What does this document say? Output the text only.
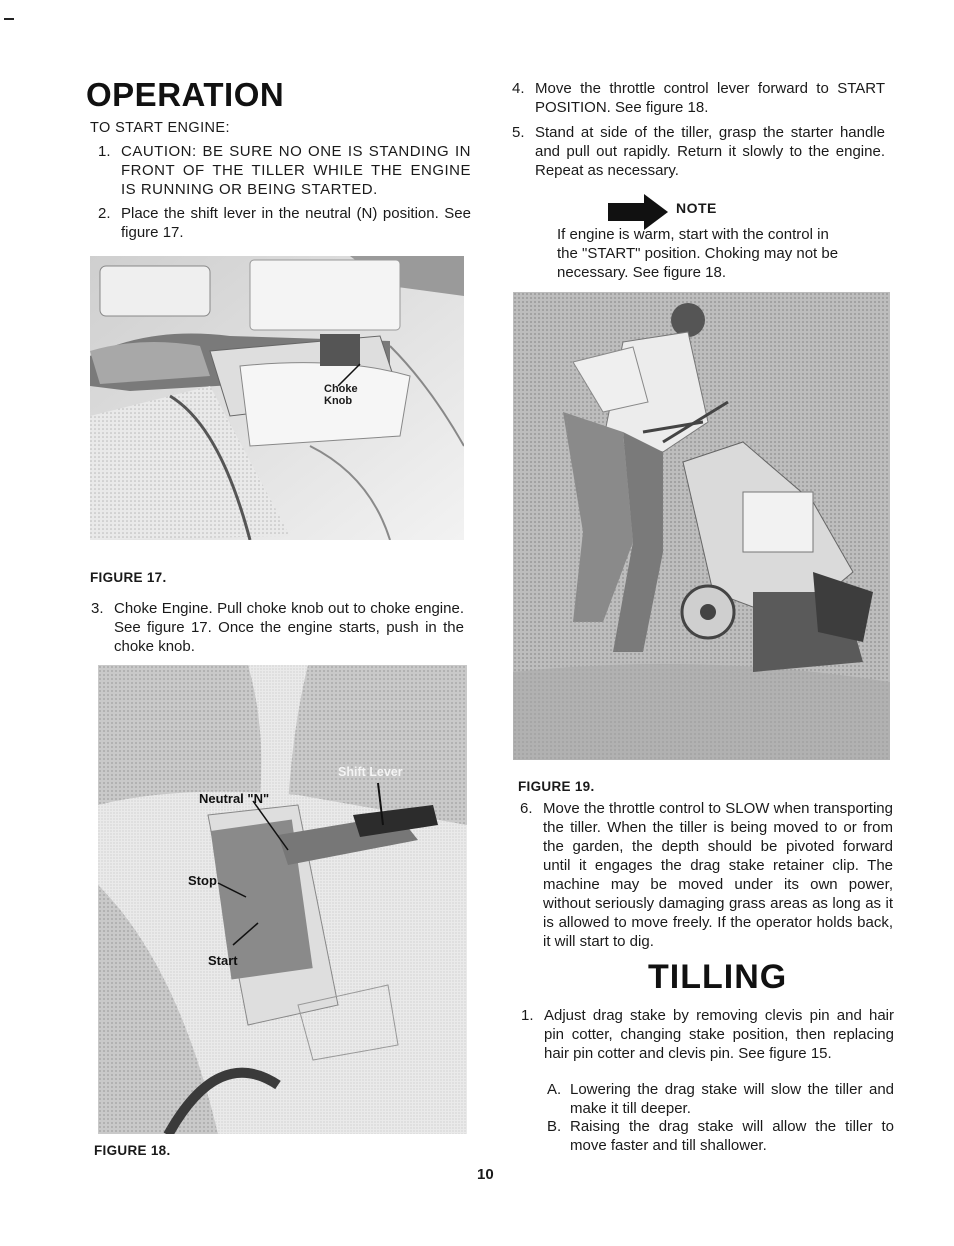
OPERATION
TO START ENGINE:
1. CAUTION: BE SURE NO ONE IS STANDING IN FRONT OF THE TILLER WHILE THE ENGINE IS RUNNING OR BEING STARTED.
2. Place the shift lever in the neutral (N) position. See figure 17.
Choke
Knob
FIGURE 17.
3. Choke Engine. Pull choke knob out to choke engine. See figure 17. Once the engine starts, push in the choke knob.
Shift Lever
Neutral "N"
Stop
Start
FIGURE 18.
4. Move the throttle control lever forward to START POSITION. See figure 18.
5. Stand at side of the tiller, grasp the starter handle and pull out rapidly. Return it slowly to the engine. Repeat as necessary.
NOTE
If engine is warm, start with the control in the "START" position. Choking may not be necessary. See figure 18.
FIGURE 19.
6. Move the throttle control to SLOW when transporting the tiller. When the tiller is being moved to or from the garden, the depth should be pivoted forward until it engages the drag stake retainer clip. The machine may be moved under its own power, without seriously damaging grass areas as long as it is allowed to move freely. If the operator holds back, it will start to dig.
TILLING
1. Adjust drag stake by removing clevis pin and hair pin cotter, changing stake position, then replacing hair pin cotter and clevis pin. See figure 15.
A. Lowering the drag stake will slow the tiller and make it till deeper.
B. Raising the drag stake will allow the tiller to move faster and till shallower.
10
